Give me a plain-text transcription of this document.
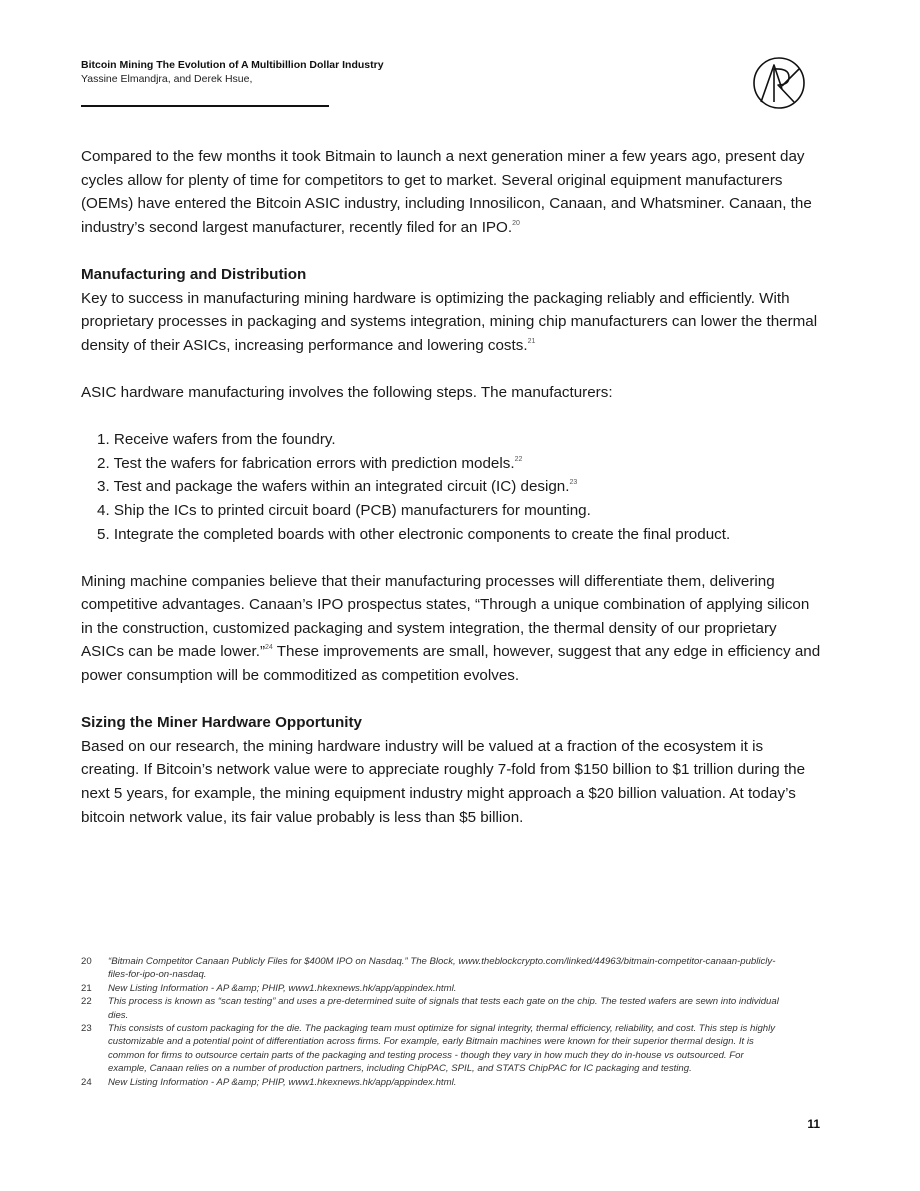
Bitcoin Mining The Evolution of A Multibillion Dollar Industry
Yassine Elmandjra, and Derek Hsue,

Compared to the few months it took Bitmain to launch a next generation miner a few years ago, present day cycles allow for plenty of time for competitors to get to market. Several original equipment manufacturers (OEMs) have entered the Bitcoin ASIC industry, including Innosilicon, Canaan, and Whatsminer. Canaan, the industry’s second largest manufacturer, recently filed for an IPO.$^{20}$

Manufacturing and Distribution

Key to success in manufacturing mining hardware is optimizing the packaging reliably and efficiently. With proprietary processes in packaging and systems integration, mining chip manufacturers can lower the thermal density of their ASICs, increasing performance and lowering costs.$^{21}$

ASIC hardware manufacturing involves the following steps. The manufacturers:

1. Receive wafers from the foundry.
2. Test the wafers for fabrication errors with prediction models.$^{22}$
3. Test and package the wafers within an integrated circuit (IC) design.$^{23}$
4. Ship the ICs to printed circuit board (PCB) manufacturers for mounting.
5. Integrate the completed boards with other electronic components to create the final product.

Mining machine companies believe that their manufacturing processes will differentiate them, delivering competitive advantages. Canaan’s IPO prospectus states, “Through a unique combination of applying silicon in the construction, customized packaging and system integration, the thermal density of our proprietary ASICs can be made lower.”$^{24}$ These improvements are small, however, suggest that any edge in efficiency and power consumption will be commoditized as competition evolves.

Sizing the Miner Hardware Opportunity

Based on our research, the mining hardware industry will be valued at a fraction of the ecosystem it is creating. If Bitcoin’s network value were to appreciate roughly 7-fold from $150 billion to $1 trillion during the next 5 years, for example, the mining equipment industry might approach a $20 billion valuation. At today’s bitcoin network value, its fair value probably is less than $5 billion.

20	“Bitmain Competitor Canaan Publicly Files for $400M IPO on Nasdaq.” The Block, www.theblockcrypto.com/linked/44963/bitmain-competitor-canaan-publicly-files-for-ipo-on-nasdaq.
21	New Listing Information - AP &amp; PHIP, www1.hkexnews.hk/app/appindex.html.
22	This process is known as “scan testing” and uses a pre-determined suite of signals that tests each gate on the chip. The tested wafers are sewn into individual dies.
23	This consists of custom packaging for the die. The packaging team must optimize for signal integrity, thermal efficiency, reliability, and cost. This step is highly customizable and a potential point of differentiation across firms. For example, early Bitmain machines were known for their superior thermal design. It is common for firms to outsource certain parts of the packaging and testing process - though they vary in how much they do in-house vs outsourced. For example, Canaan relies on a number of production partners, including ChipPAC, SPIL, and STATS ChipPAC for IC packaging and testing.
24	New Listing Information - AP &amp; PHIP, www1.hkexnews.hk/app/appindex.html.
11
